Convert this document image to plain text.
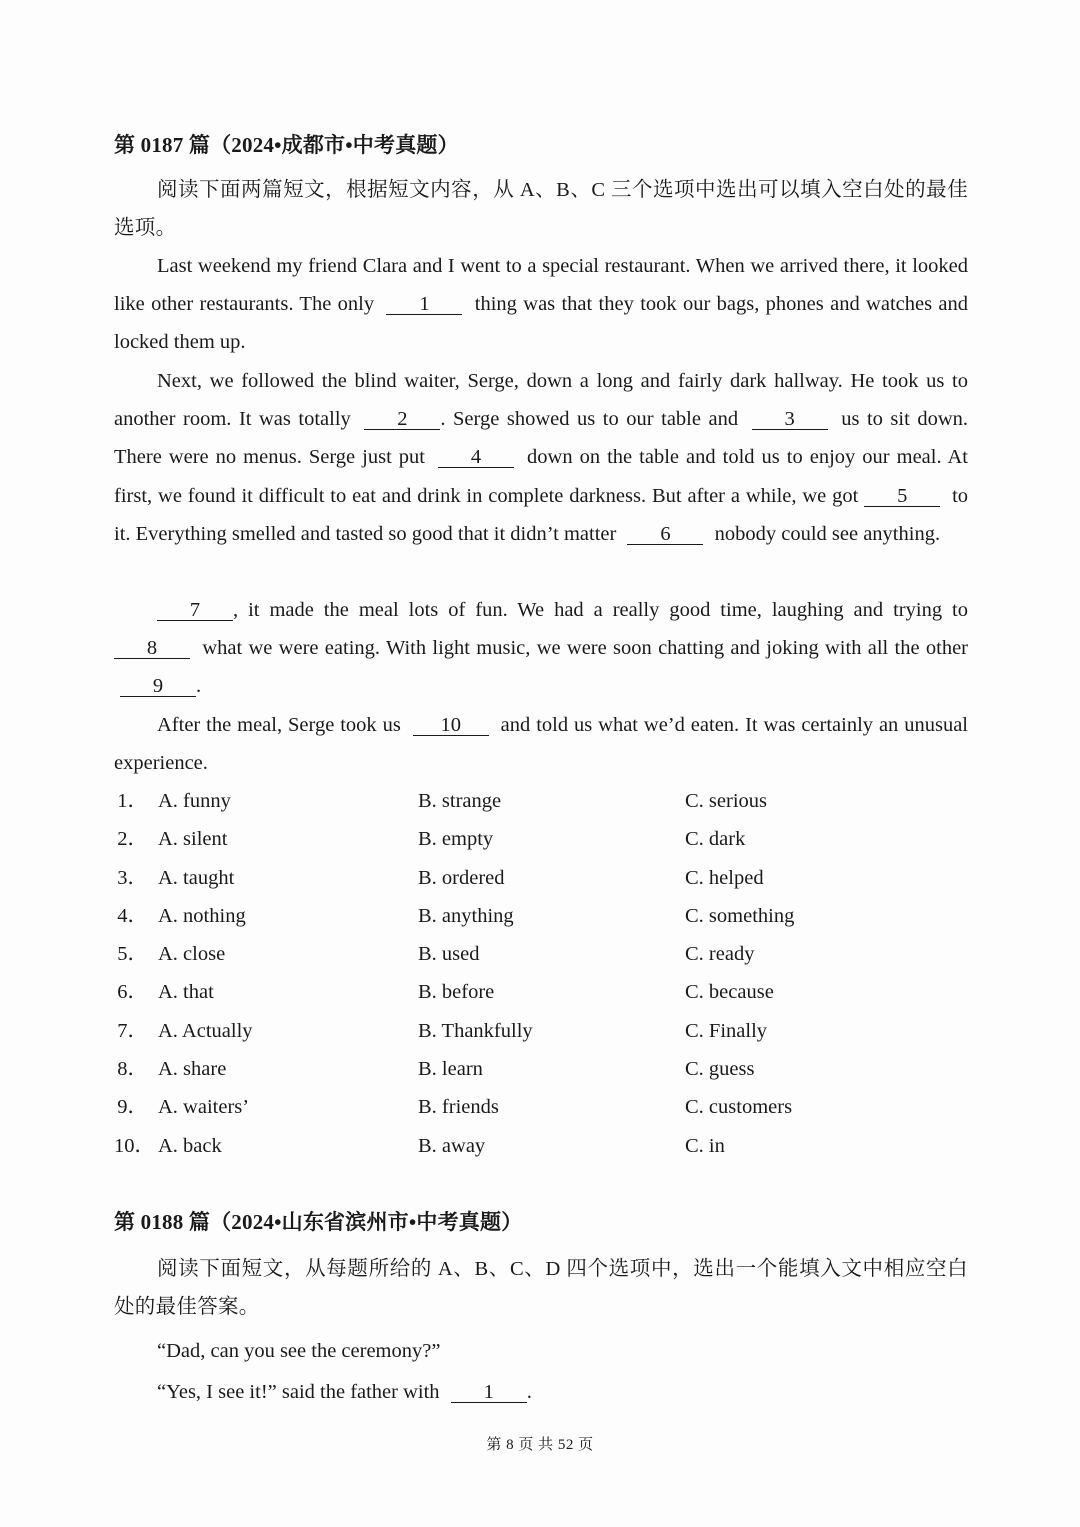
第 0187 篇（2024•成都市•中考真题）

阅读下面两篇短文，根据短文内容，从 A、B、C 三个选项中选出可以填入空白处的最佳选项。

Last weekend my friend Clara and I went to a special restaurant. When we arrived there, it looked like other restaurants. The only 1 thing was that they took our bags, phones and watches and locked them up.

Next, we followed the blind waiter, Serge, down a long and fairly dark hallway. He took us to another room. It was totally 2 . Serge showed us to our table and 3 us to sit down. There were no menus. Serge just put 4 down on the table and told us to enjoy our meal. At first, we found it difficult to eat and drink in complete darkness. But after a while, we got 5 to it. Everything smelled and tasted so good that it didn’t matter 6 nobody could see anything.

7 , it made the meal lots of fun. We had a really good time, laughing and trying to 8 what we were eating. With light music, we were soon chatting and joking with all the other 9 .

After the meal, Serge took us 10 and told us what we’d eaten. It was certainly an unusual experience.

1． A. funny	B. strange	C. serious
2． A. silent	B. empty	C. dark
3． A. taught	B. ordered	C. helped
4． A. nothing	B. anything	C. something
5． A. close	B. used	C. ready
6． A. that	B. before	C. because
7． A. Actually	B. Thankfully	C. Finally
8． A. share	B. learn	C. guess
9． A. waiters’	B. friends	C. customers
10． A. back	B. away	C. in
第 0188 篇（2024•山东省滨州市•中考真题）

阅读下面短文，从每题所给的 A、B、C、D 四个选项中，选出一个能填入文中相应空白处的最佳答案。

“Dad, can you see the ceremony?”

“Yes, I see it!” said the father with 1 .

第 8 页 共 52 页
